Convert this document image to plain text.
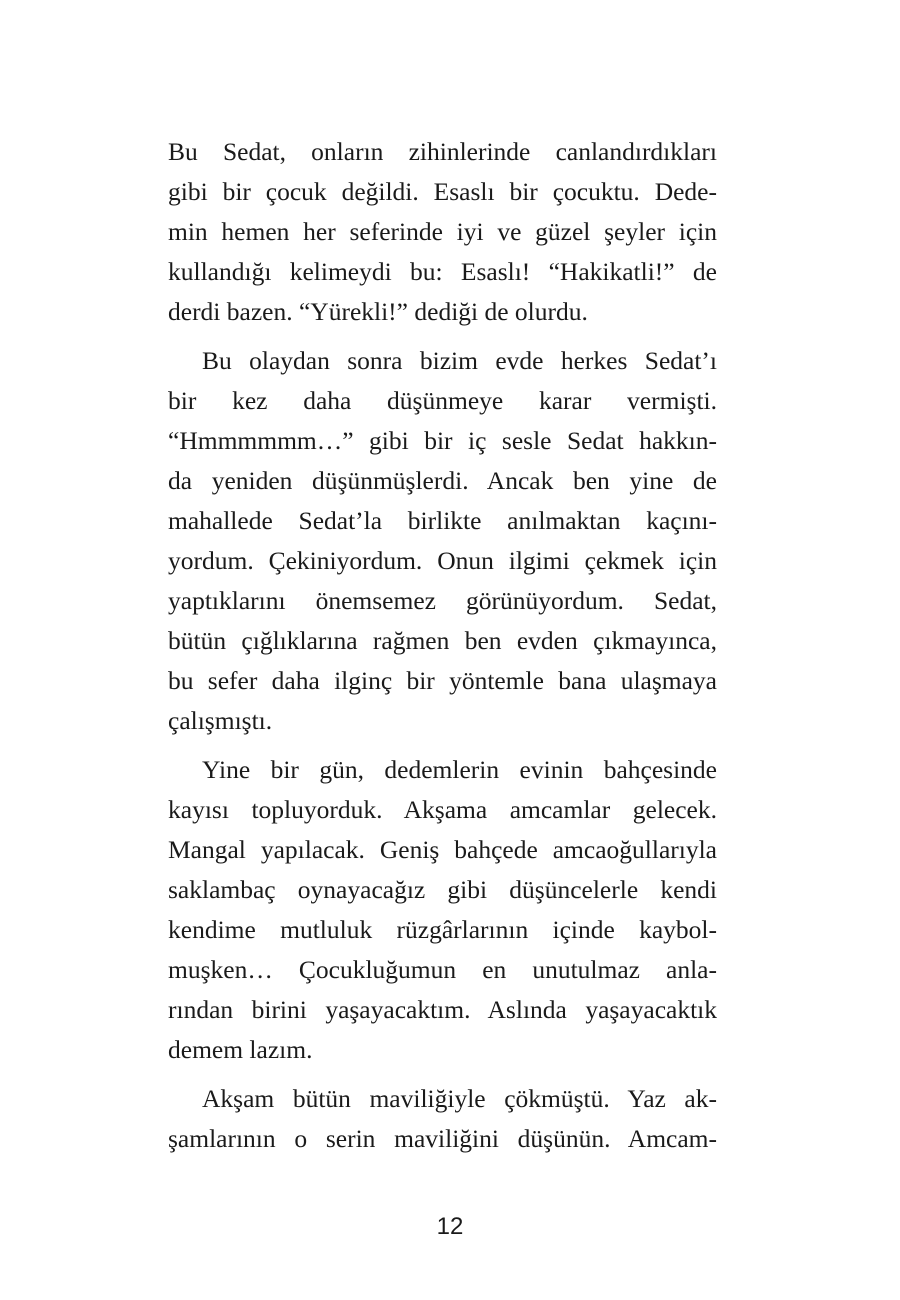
Bu Sedat, onların zihinlerinde canlandırdıkları
gibi bir çocuk değildi. Esaslı bir çocuktu. Dede-
min hemen her seferinde iyi ve güzel şeyler için
kullandığı kelimeydi bu: Esaslı! “Hakikatli!” de
derdi bazen. “Yürekli!” dediği de olurdu.
Bu olaydan sonra bizim evde herkes Sedat’ı
bir kez daha düşünmeye karar vermişti.
“Hmmmmmm…” gibi bir iç sesle Sedat hakkın-
da yeniden düşünmüşlerdi. Ancak ben yine de
mahallede Sedat’la birlikte anılmaktan kaçını-
yordum. Çekiniyordum. Onun ilgimi çekmek için
yaptıklarını önemsemez görünüyordum. Sedat,
bütün çığlıklarına rağmen ben evden çıkmayınca,
bu sefer daha ilginç bir yöntemle bana ulaşmaya
çalışmıştı.
Yine bir gün, dedemlerin evinin bahçesinde
kayısı topluyorduk. Akşama amcamlar gelecek.
Mangal yapılacak. Geniş bahçede amcaoğullarıyla
saklambaç oynayacağız gibi düşüncelerle kendi
kendime mutluluk rüzgârlarının içinde kaybol-
muşken… Çocukluğumun en unutulmaz anla-
rından birini yaşayacaktım. Aslında yaşayacaktık
demem lazım.
Akşam bütün maviliğiyle çökmüştü. Yaz ak-
şamlarının o serin maviliğini düşünün. Amcam-
12
